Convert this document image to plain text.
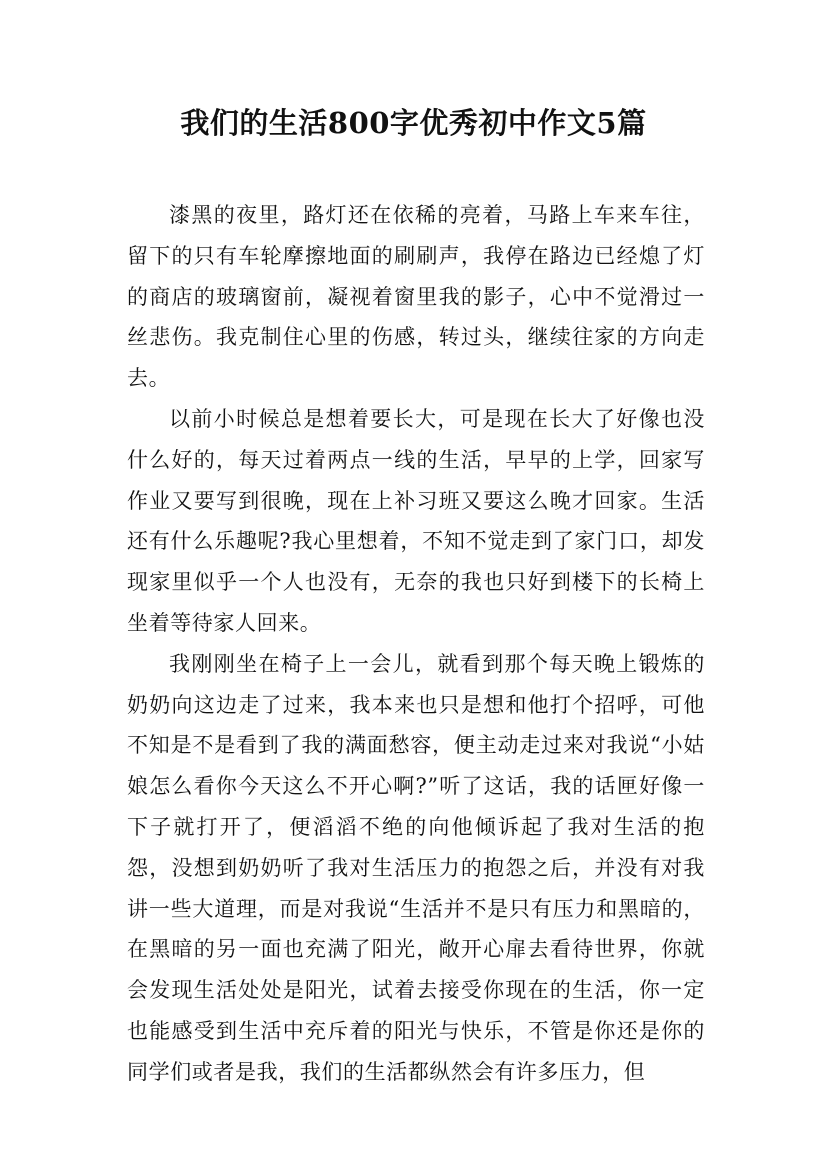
我们的生活800字优秀初中作文5篇

漆黑的夜里，路灯还在依稀的亮着，马路上车来车往，留下的只有车轮摩擦地面的刷刷声，我停在路边已经熄了灯的商店的玻璃窗前，凝视着窗里我的影子，心中不觉滑过一丝悲伤。我克制住心里的伤感，转过头，继续往家的方向走去。

以前小时候总是想着要长大，可是现在长大了好像也没什么好的，每天过着两点一线的生活，早早的上学，回家写作业又要写到很晚，现在上补习班又要这么晚才回家。生活还有什么乐趣呢?我心里想着，不知不觉走到了家门口，却发现家里似乎一个人也没有，无奈的我也只好到楼下的长椅上坐着等待家人回来。

我刚刚坐在椅子上一会儿，就看到那个每天晚上锻炼的奶奶向这边走了过来，我本来也只是想和他打个招呼，可他不知是不是看到了我的满面愁容，便主动走过来对我说“小姑娘怎么看你今天这么不开心啊?”听了这话，我的话匣好像一下子就打开了，便滔滔不绝的向他倾诉起了我对生活的抱怨，没想到奶奶听了我对生活压力的抱怨之后，并没有对我讲一些大道理，而是对我说“生活并不是只有压力和黑暗的，在黑暗的另一面也充满了阳光，敞开心扉去看待世界，你就会发现生活处处是阳光，试着去接受你现在的生活，你一定也能感受到生活中充斥着的阳光与快乐，不管是你还是你的同学们或者是我，我们的生活都纵然会有许多压力，但
